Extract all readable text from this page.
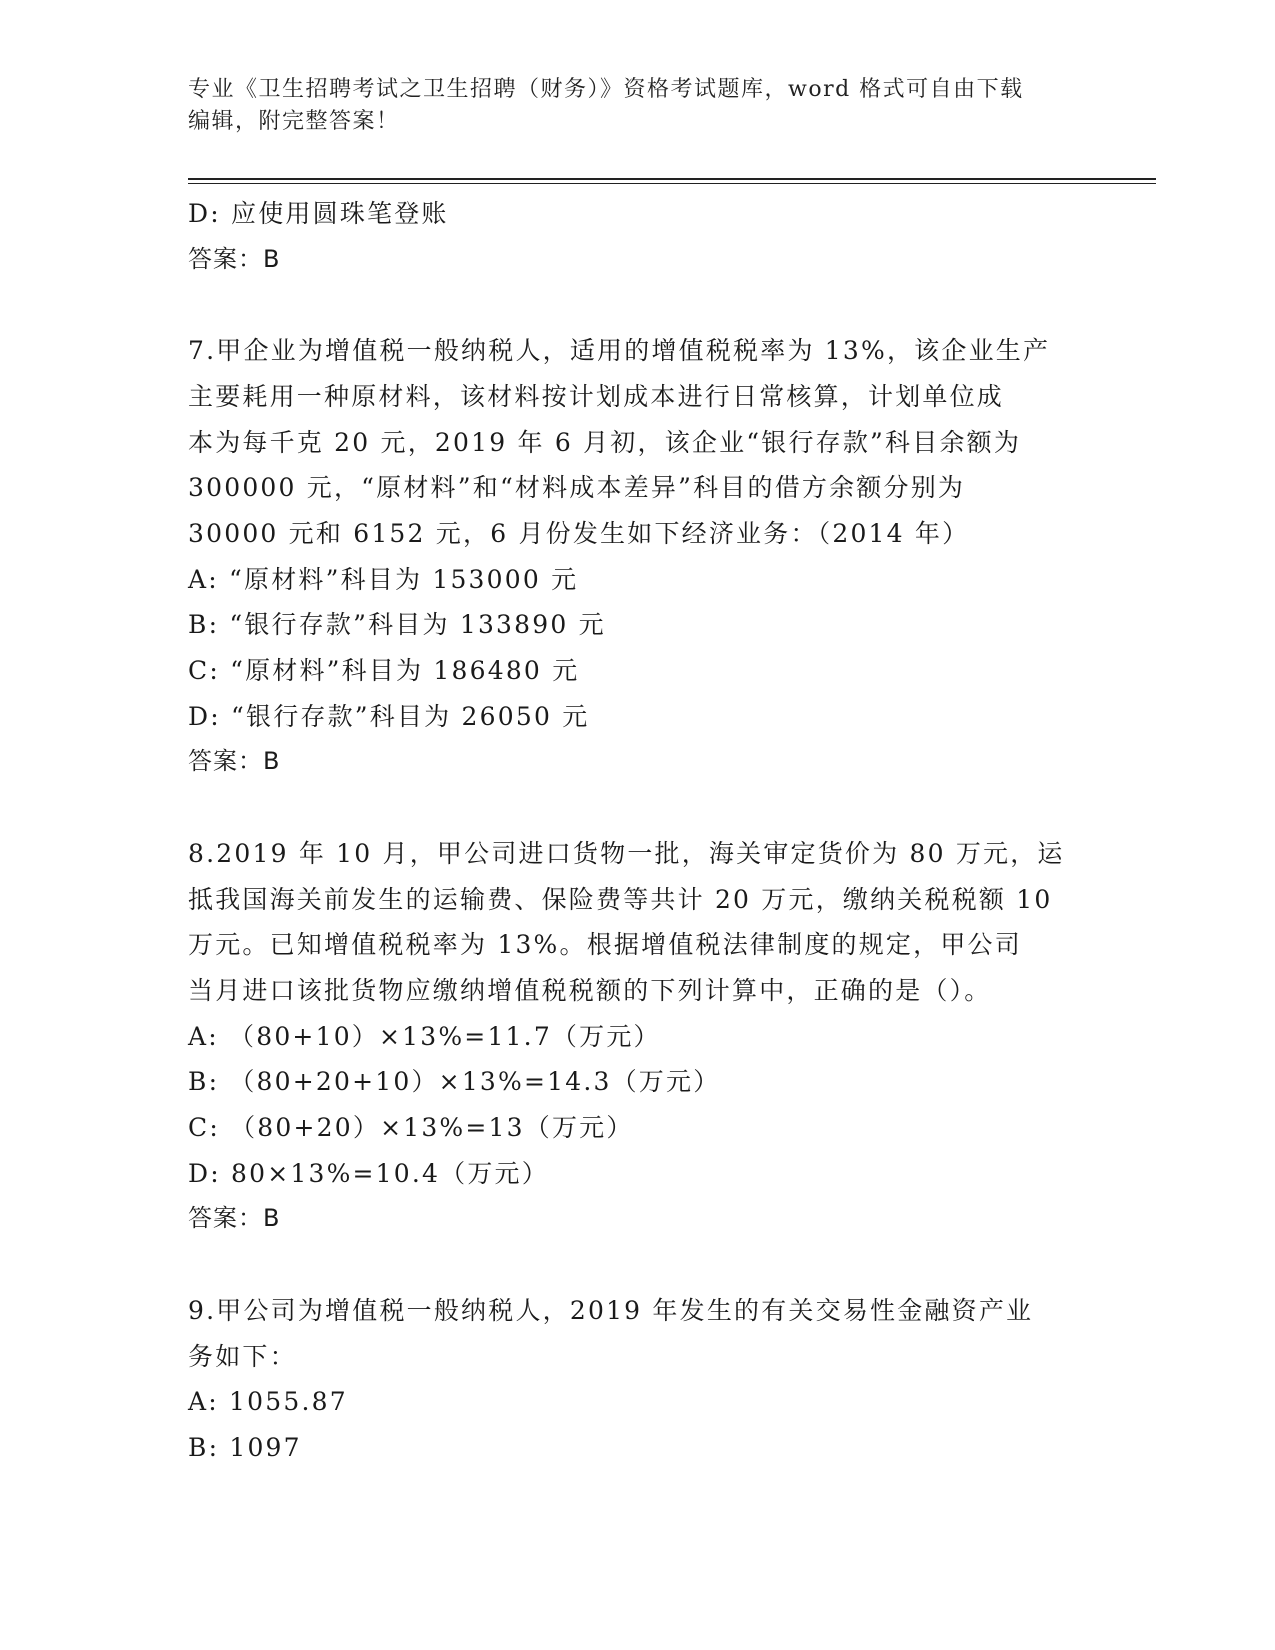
专业《卫生招聘考试之卫生招聘（财务）》资格考试题库，word 格式可自由下载
编辑，附完整答案！

D: 应使用圆珠笔登账

答案：B

7.甲企业为增值税一般纳税人，适用的增值税税率为 13%，该企业生产

主要耗用一种原材料，该材料按计划成本进行日常核算，计划单位成

本为每千克 20 元，2019 年 6 月初，该企业“银行存款”科目余额为

300000 元，“原材料”和“材料成本差异”科目的借方余额分别为

30000 元和 6152 元，6 月份发生如下经济业务：（2014 年）

A: “原材料”科目为 153000 元

B: “银行存款”科目为 133890 元

C: “原材料”科目为 186480 元

D: “银行存款”科目为 26050 元

答案：B

8.2019 年 10 月，甲公司进口货物一批，海关审定货价为 80 万元，运

抵我国海关前发生的运输费、保险费等共计 20 万元，缴纳关税税额 10

万元。已知增值税税率为 13%。根据增值税法律制度的规定，甲公司

当月进口该批货物应缴纳增值税税额的下列计算中，正确的是（）。

A: （80+10）×13%=11.7（万元）

B: （80+20+10）×13%=14.3（万元）

C: （80+20）×13%=13（万元）

D: 80×13%=10.4（万元）

答案：B

9.甲公司为增值税一般纳税人，2019 年发生的有关交易性金融资产业

务如下：

A: 1055.87

B: 1097
